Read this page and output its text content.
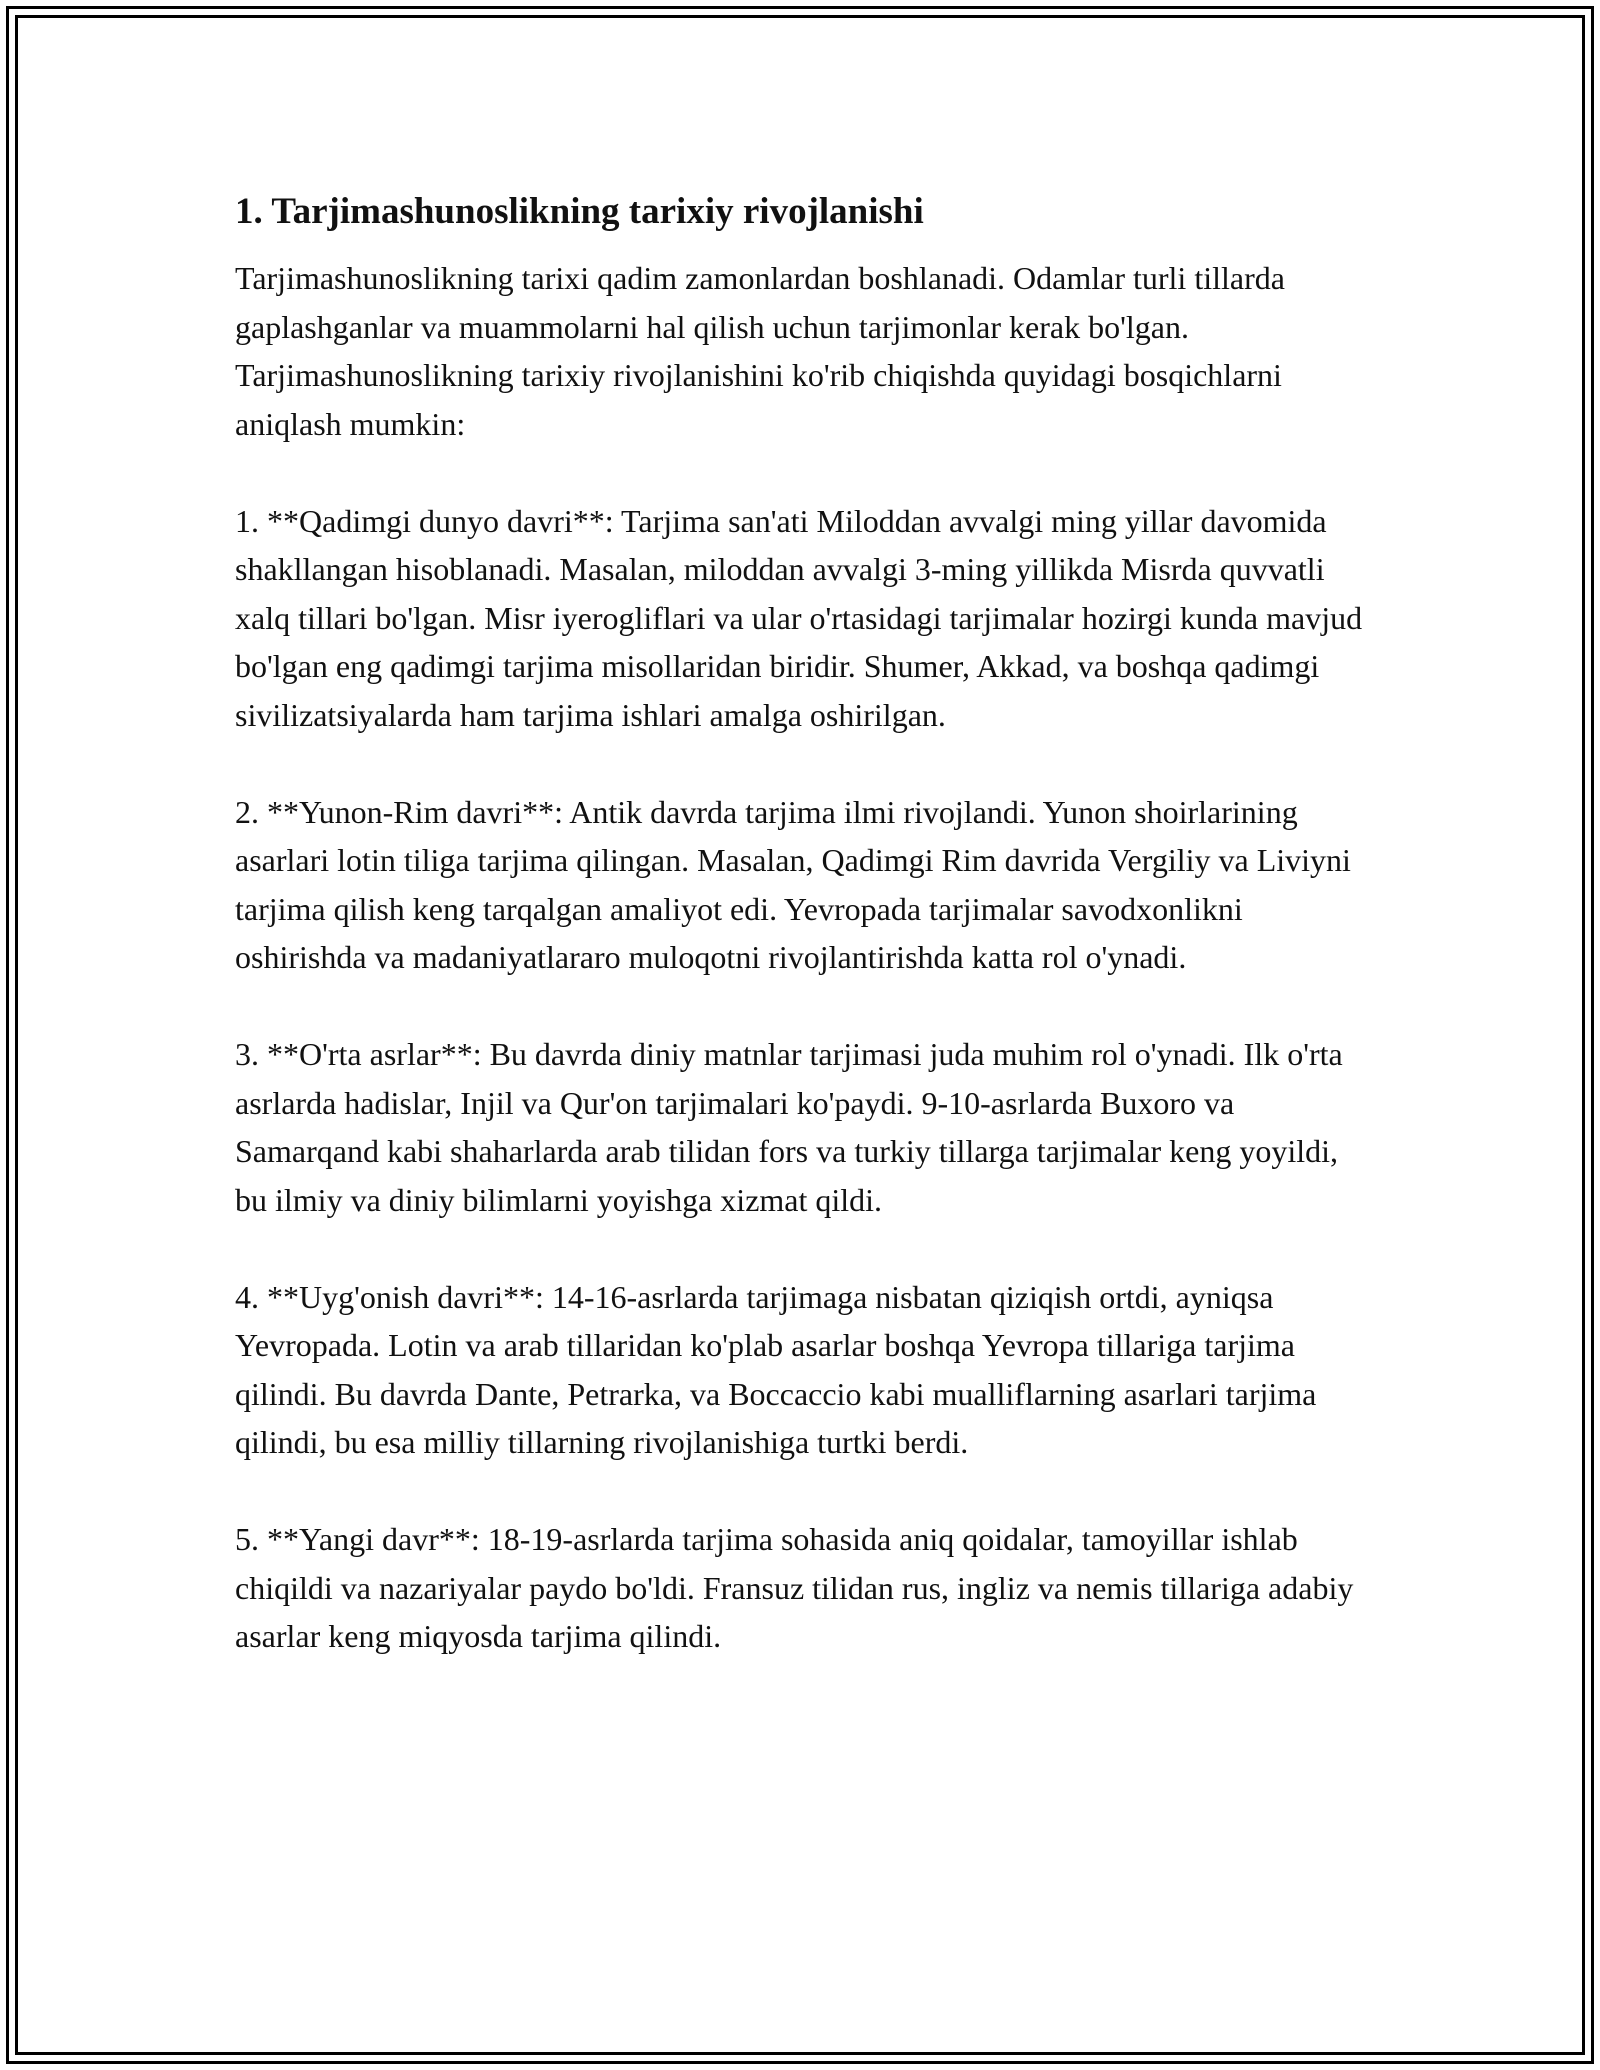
1. Tarjimashunoslikning tarixiy rivojlanishi

Tarjimashunoslikning tarixi qadim zamonlardan boshlanadi. Odamlar turli tillarda gaplashganlar va muammolarni hal qilish uchun tarjimonlar kerak bo'lgan. Tarjimashunoslikning tarixiy rivojlanishini ko'rib chiqishda quyidagi bosqichlarni aniqlash mumkin:

1. **Qadimgi dunyo davri**: Tarjima san'ati Miloddan avvalgi ming yillar davomida shakllangan hisoblanadi. Masalan, miloddan avvalgi 3-ming yillikda Misrda quvvatli xalq tillari bo'lgan. Misr iyerogliflari va ular o'rtasidagi tarjimalar hozirgi kunda mavjud bo'lgan eng qadimgi tarjima misollaridan biridir. Shumer, Akkad, va boshqa qadimgi sivilizatsiyalarda ham tarjima ishlari amalga oshirilgan.

2. **Yunon-Rim davri**: Antik davrda tarjima ilmi rivojlandi. Yunon shoirlarining asarlari lotin tiliga tarjima qilingan. Masalan, Qadimgi Rim davrida Vergiliy va Liviyni tarjima qilish keng tarqalgan amaliyot edi. Yevropada tarjimalar savodxonlikni oshirishda va madaniyatlararo muloqotni rivojlantirishda katta rol o'ynadi.

3. **O'rta asrlar**: Bu davrda diniy matnlar tarjimasi juda muhim rol o'ynadi. Ilk o'rta asrlarda hadislar, Injil va Qur'on tarjimalari ko'paydi. 9-10-asrlarda Buxoro va Samarqand kabi shaharlarda arab tilidan fors va turkiy tillarga tarjimalar keng yoyildi, bu ilmiy va diniy bilimlarni yoyishga xizmat qildi.

4. **Uyg'onish davri**: 14-16-asrlarda tarjimaga nisbatan qiziqish ortdi, ayniqsa Yevropada. Lotin va arab tillaridan ko'plab asarlar boshqa Yevropa tillariga tarjima qilindi. Bu davrda Dante, Petrarka, va Boccaccio kabi mualliflarning asarlari tarjima qilindi, bu esa milliy tillarning rivojlanishiga turtki berdi.

5. **Yangi davr**: 18-19-asrlarda tarjima sohasida aniq qoidalar, tamoyillar ishlab chiqildi va nazariyalar paydo bo'ldi. Fransuz tilidan rus, ingliz va nemis tillariga adabiy asarlar keng miqyosda tarjima qilindi.
